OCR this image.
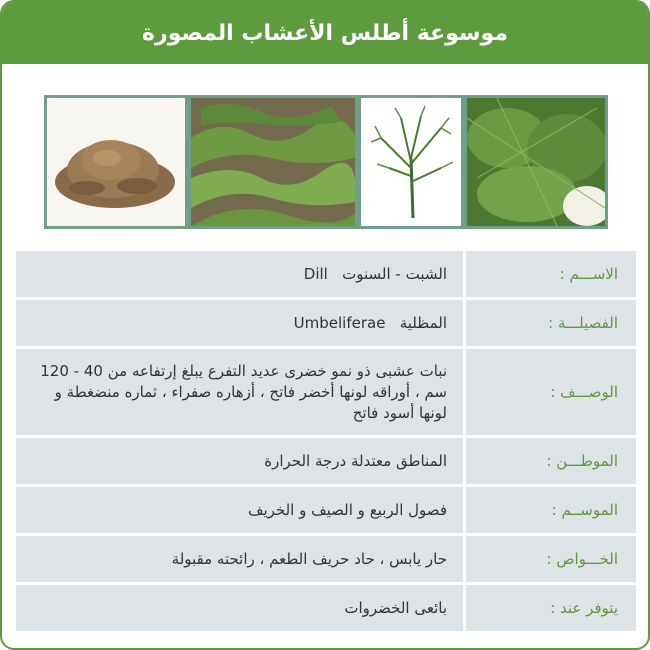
موسوعة أطلس الأعشاب المصورة
الاســـم :
الشبت - السنوت   Dill
الفصيلـــة :
المظلية   Umbeliferae
الوصـــف :
نبات عشبى ذو نمو خضرى عديد التفرع يبلغ إرتفاعه من 40 - 120 سم ، أوراقه لونها أخضر فاتح ، أزهاره صفراء ، ثماره منضغطة و لونها أسود فاتح
الموطـــن :
المناطق معتدلة درجة الحرارة
الموســم :
فصول الربيع و الصيف و الخريف
الخـــواص :
حار يابس ، حاد حريف الطعم ، رائحته مقبولة
يتوفر عند :
بائعى الخضروات
